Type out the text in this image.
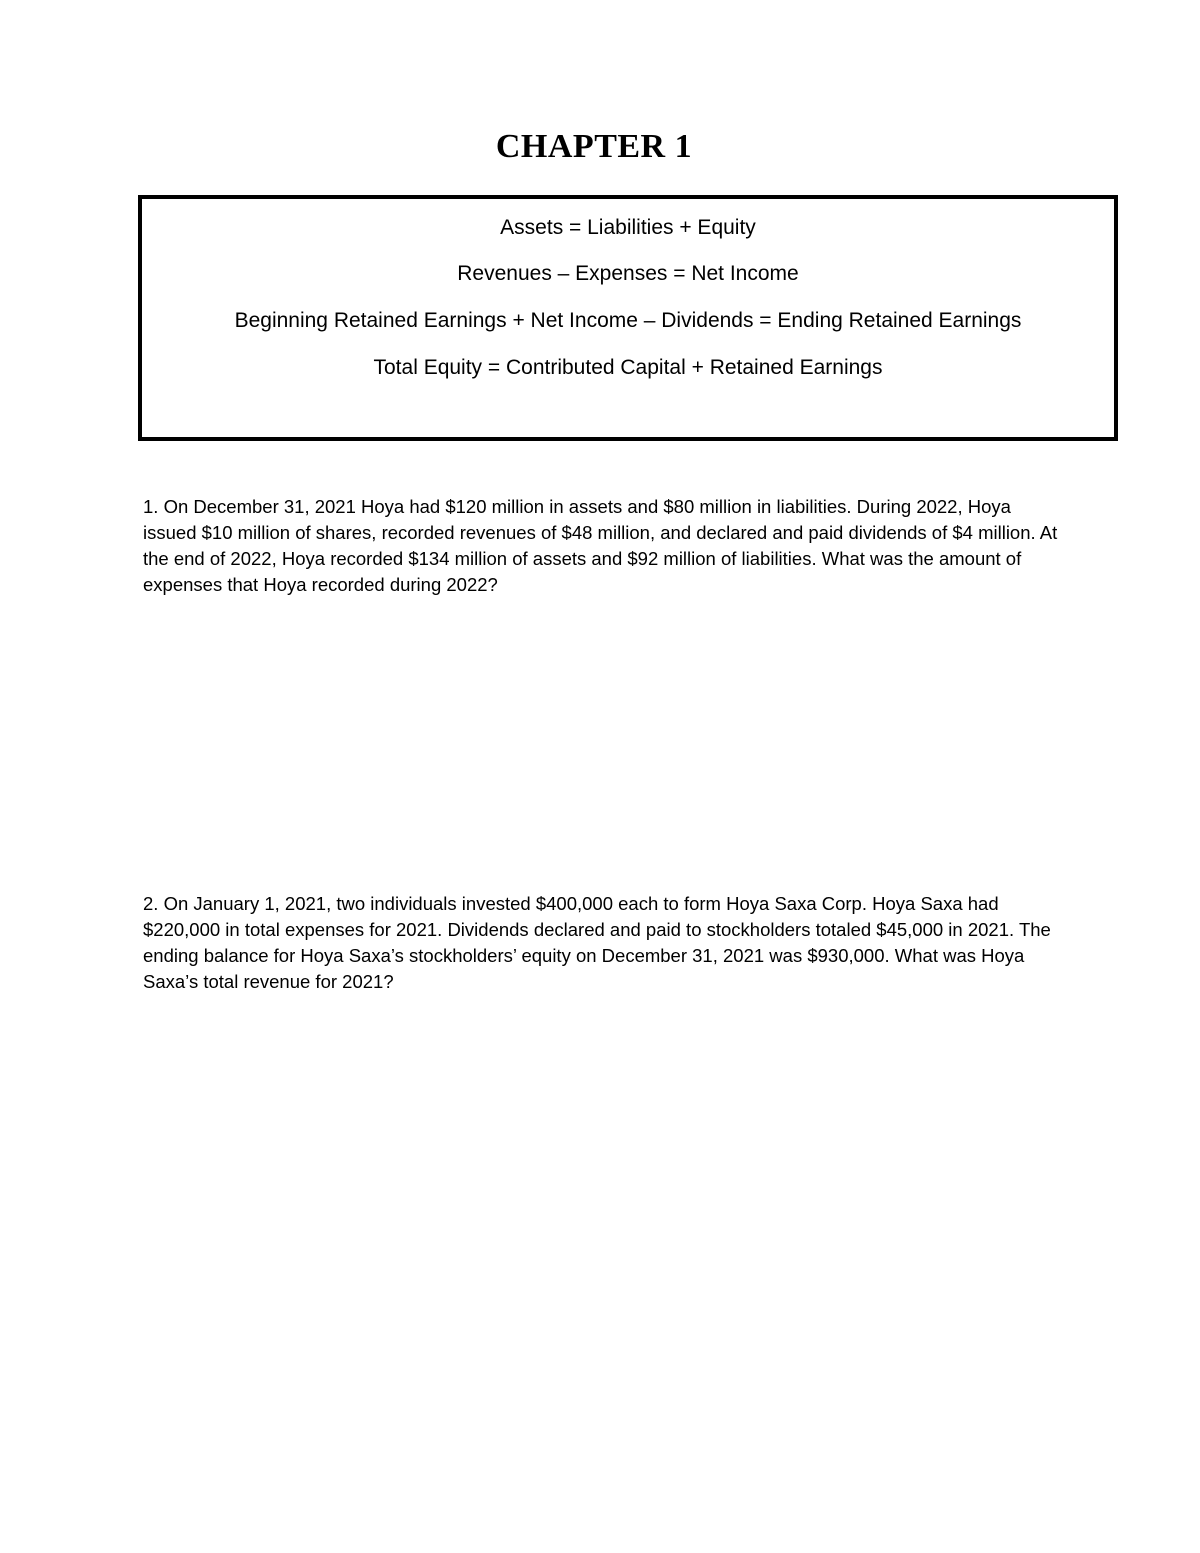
CHAPTER 1
Assets = Liabilities + Equity
Revenues – Expenses = Net Income
Beginning Retained Earnings + Net Income – Dividends = Ending Retained Earnings
Total Equity = Contributed Capital + Retained Earnings

1. On December 31, 2021 Hoya had $120 million in assets and $80 million in liabilities. During 2022, Hoya issued $10 million of shares, recorded revenues of $48 million, and declared and paid dividends of $4 million. At the end of 2022, Hoya recorded $134 million of assets and $92 million of liabilities. What was the amount of expenses that Hoya recorded during 2022?

2. On January 1, 2021, two individuals invested $400,000 each to form Hoya Saxa Corp. Hoya Saxa had $220,000 in total expenses for 2021. Dividends declared and paid to stockholders totaled $45,000 in 2021. The ending balance for Hoya Saxa’s stockholders’ equity on December 31, 2021 was $930,000. What was Hoya Saxa’s total revenue for 2021?
